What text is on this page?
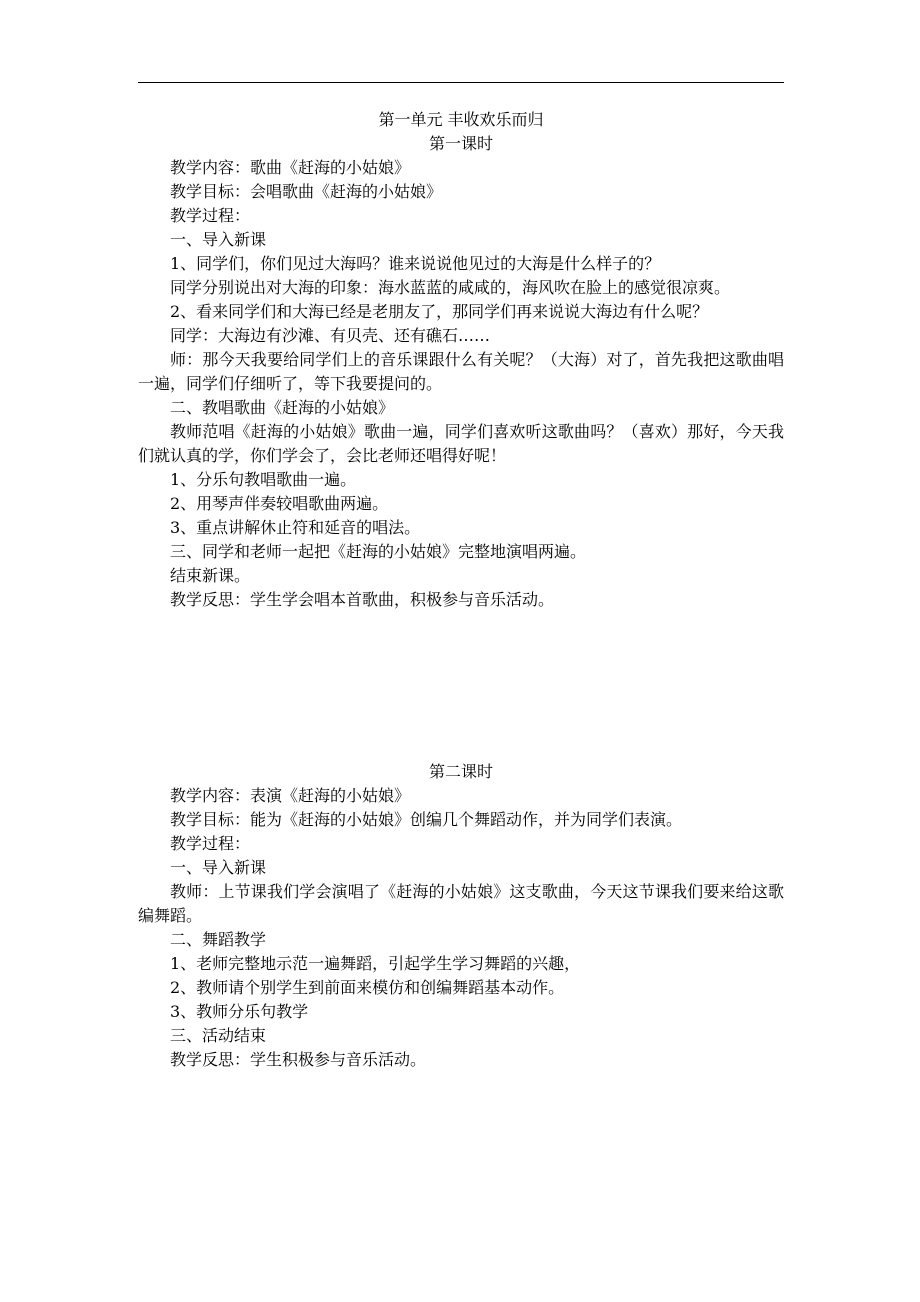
第一单元 丰收欢乐而归

第一课时

教学内容：歌曲《赶海的小姑娘》

教学目标：会唱歌曲《赶海的小姑娘》

教学过程：

一、导入新课

1、同学们，你们见过大海吗？谁来说说他见过的大海是什么样子的？

同学分别说出对大海的印象：海水蓝蓝的咸咸的，海风吹在脸上的感觉很凉爽。

2、看来同学们和大海已经是老朋友了，那同学们再来说说大海边有什么呢？

同学：大海边有沙滩、有贝壳、还有礁石……

师：那今天我要给同学们上的音乐课跟什么有关呢？（大海）对了，首先我把这歌曲唱一遍，同学们仔细听了，等下我要提问的。

二、教唱歌曲《赶海的小姑娘》

教师范唱《赶海的小姑娘》歌曲一遍，同学们喜欢听这歌曲吗？（喜欢）那好，今天我们就认真的学，你们学会了，会比老师还唱得好呢！

1、分乐句教唱歌曲一遍。

2、用琴声伴奏较唱歌曲两遍。

3、重点讲解休止符和延音的唱法。

三、同学和老师一起把《赶海的小姑娘》完整地演唱两遍。

结束新课。

教学反思：学生学会唱本首歌曲，积极参与音乐活动。

第二课时

教学内容：表演《赶海的小姑娘》

教学目标：能为《赶海的小姑娘》创编几个舞蹈动作，并为同学们表演。

教学过程：

一、导入新课

教师：上节课我们学会演唱了《赶海的小姑娘》这支歌曲，今天这节课我们要来给这歌编舞蹈。

二、舞蹈教学

1、老师完整地示范一遍舞蹈，引起学生学习舞蹈的兴趣，

2、教师请个别学生到前面来模仿和创编舞蹈基本动作。

3、教师分乐句教学

三、活动结束

教学反思：学生积极参与音乐活动。
